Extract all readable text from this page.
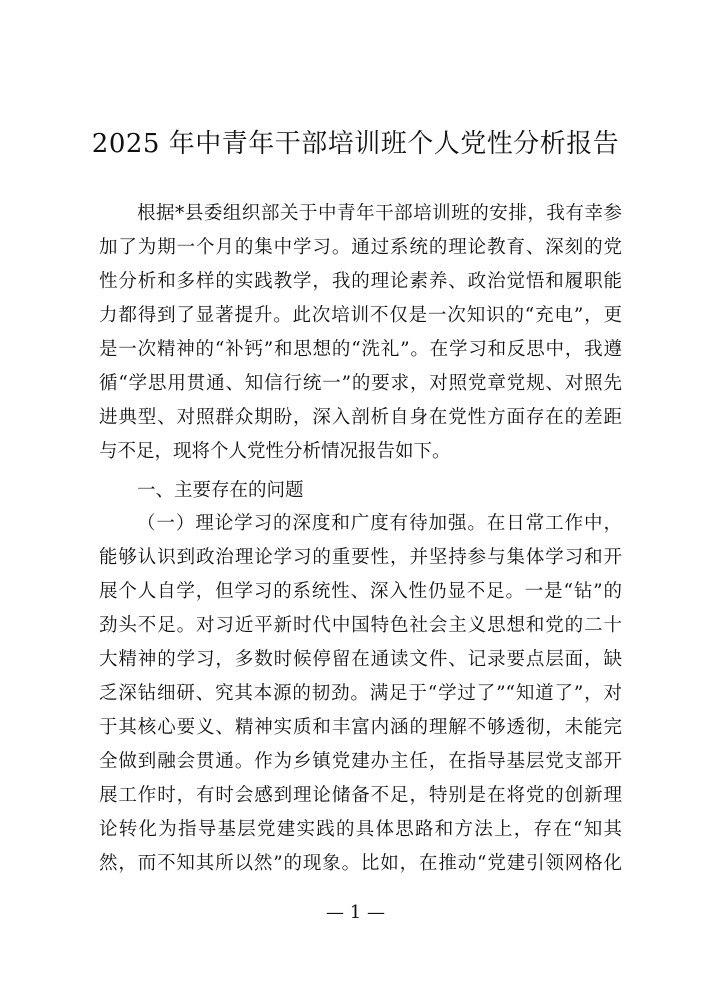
2025 年中青年干部培训班个人党性分析报告
根据*县委组织部关于中青年干部培训班的安排，我有幸参
加了为期一个月的集中学习。通过系统的理论教育、深刻的党
性分析和多样的实践教学，我的理论素养、政治觉悟和履职能
力都得到了显著提升。此次培训不仅是一次知识的“充电”，更
是一次精神的“补钙”和思想的“洗礼”。在学习和反思中，我遵
循“学思用贯通、知信行统一”的要求，对照党章党规、对照先
进典型、对照群众期盼，深入剖析自身在党性方面存在的差距
与不足，现将个人党性分析情况报告如下。
一、主要存在的问题
（一）理论学习的深度和广度有待加强。在日常工作中，
能够认识到政治理论学习的重要性，并坚持参与集体学习和开
展个人自学，但学习的系统性、深入性仍显不足。一是“钻”的
劲头不足。对习近平新时代中国特色社会主义思想和党的二十
大精神的学习，多数时候停留在通读文件、记录要点层面，缺
乏深钻细研、究其本源的韧劲。满足于“学过了”“知道了”，对
于其核心要义、精神实质和丰富内涵的理解不够透彻，未能完
全做到融会贯通。作为乡镇党建办主任，在指导基层党支部开
展工作时，有时会感到理论储备不足，特别是在将党的创新理
论转化为指导基层党建实践的具体思路和方法上，存在“知其
然，而不知其所以然”的现象。比如，在推动“党建引领网格化
— 1 —
